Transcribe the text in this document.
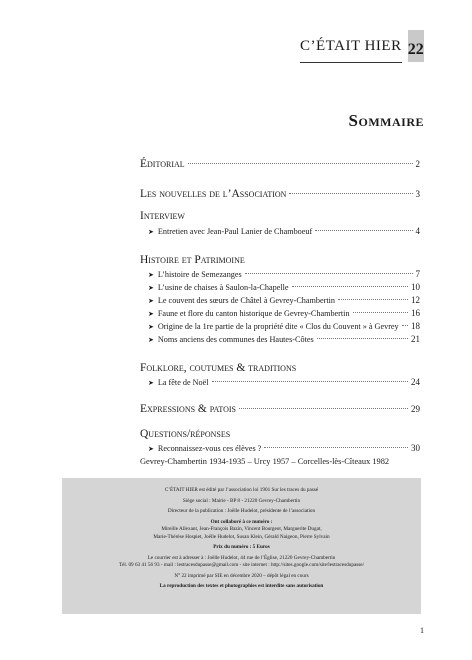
C’ÉTAIT HIER 22
Sommaire
Éditorial	2
Les nouvelles de l’Association	3
Interview
➤ Entretien avec Jean-Paul Lanier de Chamboeuf	4
Histoire et Patrimoine
➤ L’histoire de Semezanges	7
➤ L’usine de chaises à Saulon-la-Chapelle	10
➤ Le couvent des sœurs de Châtel à Gevrey-Chambertin	12
➤ Faune et flore du canton historique de Gevrey-Chambertin	16
➤ Origine de la 1re partie de la propriété dite « Clos du Couvent » à Gevrey 18
➤ Noms anciens des communes des Hautes-Côtes	21
Folklore, coutumes & traditions
➤ La fête de Noël	24
Expressions & patois	29
Questions/réponses
➤ Reconnaissez-vous ces élèves ?	30
Gevrey-Chambertin 1934-1935 – Urcy 1957 – Corcelles-lès-Cîteaux 1982

C’ÉTAIT HIER est édité par l’association loi 1901 Sur les traces du passé

Siège social : Mairie - BP 8 - 21220 Gevrey-Chambertin

Directeur de la publication : Joëlle Hudelot, présidente de l’association

Ont collaboré à ce numéro :

Mireille Allexant, Jean-François Bazin, Vincent Bourgeot, Marguerite Dugat,

Marie-Thérèse Hospiet, Joëlle Hudelot, Susan Klein, Gérald Naigeon, Pierre Sylvain

Prix du numéro : 5 Euros

Le courrier est à adresser à : Joëlle Hudelot, 44 rue de l’Église, 21220 Gevrey-Chambertin

Tél. 09 63 41 56 93 - mail : lestracesdupasse@gmail.com - site internet : http://sites.google.com/site/lestracesdupasse/

N° 22 imprimé par SIE en décembre 2020 – dépôt légal en cours

La reproduction des textes et photographies est interdite sans autorisation

1
